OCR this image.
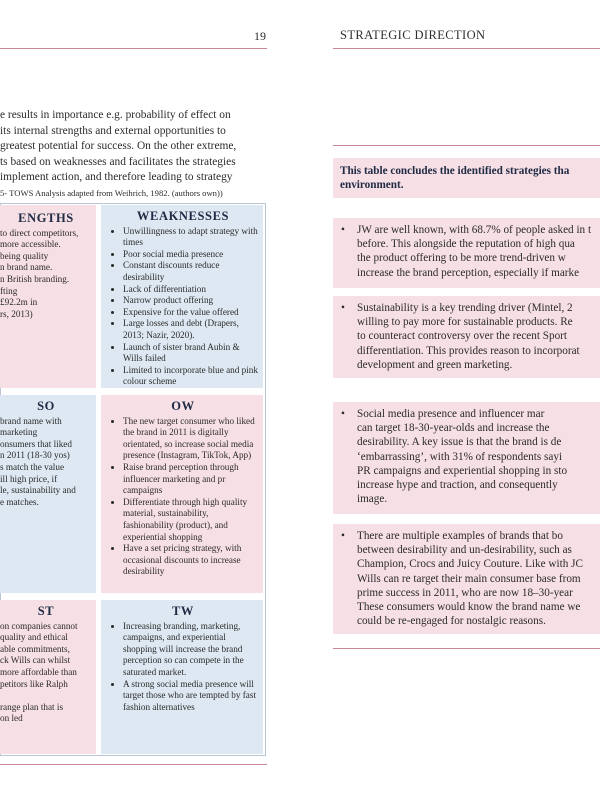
19	STRATEGIC DIRECTION

e results in importance e.g. probability of effect on

its internal strengths and external opportunities to

greatest potential for success. On the other extreme,

ts based on weaknesses and facilitates the strategies

implement action, and therefore leading to strategy

5- TOWS Analysis adapted from Weihrich, 1982. (authors own))
ENGTHS
to direct competitors,
more accessible.
being quality
n brand name.
n British branding.
fting
£92.2m in
rs, 2013)
WEAKNESSES
• Unwillingness to adapt strategy with times
• Poor social media presence
• Constant discounts reduce desirability
• Lack of differentiation
• Narrow product offering
• Expensive for the value offered
• Large losses and debt (Drapers, 2013; Nazir, 2020).
• Launch of sister brand Aubin & Wills failed
• Limited to incorporate blue and pink colour scheme
SO
brand name with
marketing
onsumers that liked
n 2011 (18-30 yos)
s match the value
ill high price, if
le, sustainability and
e matches.
OW
• The new target consumer who liked the brand in 2011 is digitally orientated, so increase social media presence (Instagram, TikTok, App)
• Raise brand perception through influencer marketing and pr campaigns
• Differentiate through high quality material, sustainability, fashionability (product), and experiential shopping
• Have a set pricing strategy, with occasional discounts to increase desirability
ST
on companies cannot
quality and ethical
able commitments,
ck Wills can whilst
more affordable than
petitors like Ralph
range plan that is
on led
TW
• Increasing branding, marketing, campaigns, and experiential shopping will increase the brand perception so can compete in the saturated market.
• A strong social media presence will target those who are tempted by fast fashion alternatives
This table concludes the identified strategies tha
environment.
• JW are well known, with 68.7% of people asked in t
before. This alongside the reputation of high qua
the product offering to be more trend-driven w
increase the brand perception, especially if marke
• Sustainability is a key trending driver (Mintel, 2
willing to pay more for sustainable products. Re
to counteract controversy over the recent Sport
differentiation. This provides reason to incorporat
development and green marketing.
• Social media presence and influencer mar
can target 18-30-year-olds and increase the
desirability. A key issue is that the brand is de
‘embarrassing’, with 31% of respondents sayi
PR campaigns and experiential shopping in sto
increase hype and traction, and consequently
image.
• There are multiple examples of brands that bo
between desirability and un-desirability, such as
Champion, Crocs and Juicy Couture. Like with JC
Wills can re target their main consumer base from
prime success in 2011, who are now 18–30-year
These consumers would know the brand name we
could be re-engaged for nostalgic reasons.
